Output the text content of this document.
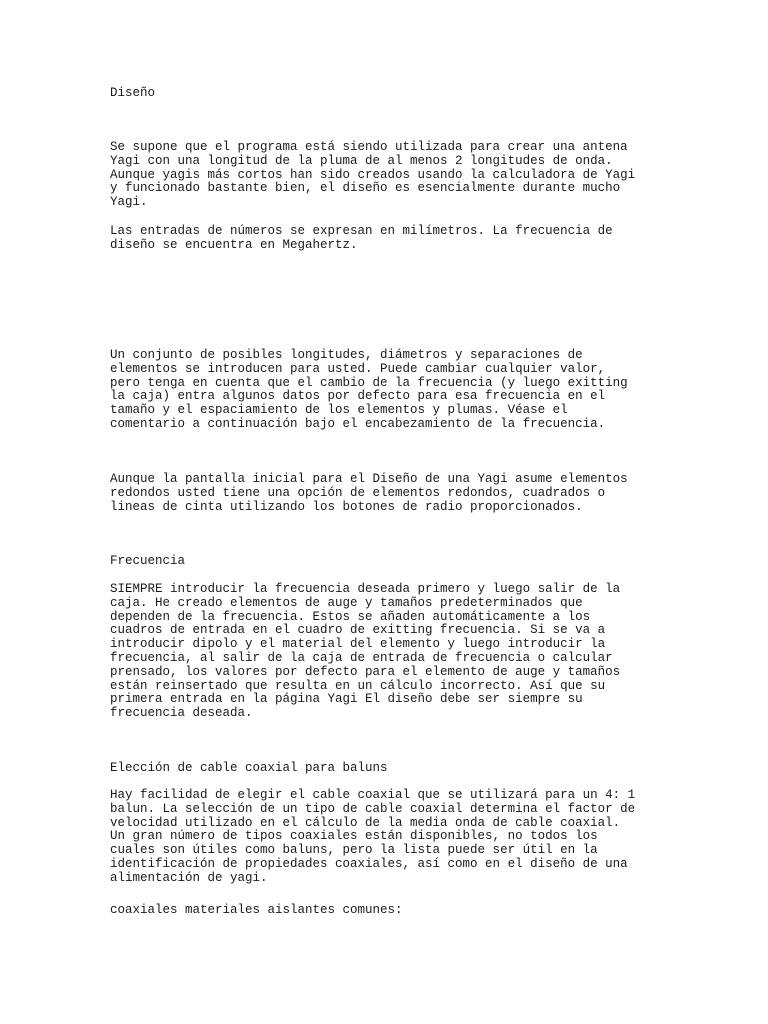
Diseño

Se supone que el programa está siendo utilizada para crear una antena
Yagi con una longitud de la pluma de al menos 2 longitudes de onda.
Aunque yagis más cortos han sido creados usando la calculadora de Yagi
y funcionado bastante bien, el diseño es esencialmente durante mucho
Yagi.

Las entradas de números se expresan en milímetros. La frecuencia de
diseño se encuentra en Megahertz.

Un conjunto de posibles longitudes, diámetros y separaciones de
elementos se introducen para usted. Puede cambiar cualquier valor,
pero tenga en cuenta que el cambio de la frecuencia (y luego exitting
la caja) entra algunos datos por defecto para esa frecuencia en el
tamaño y el espaciamiento de los elementos y plumas. Véase el
comentario a continuación bajo el encabezamiento de la frecuencia.

Aunque la pantalla inicial para el Diseño de una Yagi asume elementos
redondos usted tiene una opción de elementos redondos, cuadrados o
lineas de cinta utilizando los botones de radio proporcionados.

Frecuencia

SIEMPRE introducir la frecuencia deseada primero y luego salir de la
caja. He creado elementos de auge y tamaños predeterminados que
dependen de la frecuencia. Estos se añaden automáticamente a los
cuadros de entrada en el cuadro de exitting frecuencia. Si se va a
introducir dipolo y el material del elemento y luego introducir la
frecuencia, al salir de la caja de entrada de frecuencia o calcular
prensado, los valores por defecto para el elemento de auge y tamaños
están reinsertado que resulta en un cálculo incorrecto. Así que su
primera entrada en la página Yagi El diseño debe ser siempre su
frecuencia deseada.

Elección de cable coaxial para baluns

Hay facilidad de elegir el cable coaxial que se utilizará para un 4: 1
balun. La selección de un tipo de cable coaxial determina el factor de
velocidad utilizado en el cálculo de la media onda de cable coaxial.
Un gran número de tipos coaxiales están disponibles, no todos los
cuales son útiles como baluns, pero la lista puede ser útil en la
identificación de propiedades coaxiales, así como en el diseño de una
alimentación de yagi.

coaxiales materiales aislantes comunes:
